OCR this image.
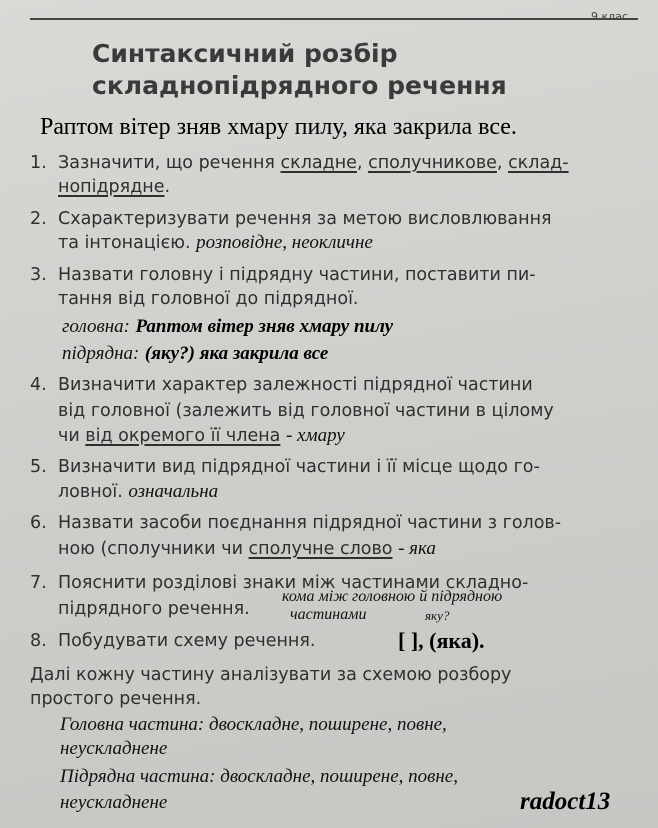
9 клас
Синтаксичний розбір
складнопідрядного речення
Раптом вітер зняв хмару пилу, яка закрила все.
1. Зазначити, що речення складне, сполучникове, склад-
нопідрядне.
2. Схарактеризувати речення за метою висловлювання
та інтонацією. розповідне, неокличне
3. Назвати головну і підрядну частини, поставити пи-
тання від головної до підрядної.
головна: Раптом вітер зняв хмару пилу
підрядна: (яку?) яка закрила все
4. Визначити характер залежності підрядної частини
від головної (залежить від головної частини в цілому
чи від окремого її члена - хмару
5. Визначити вид підрядної частини і її місце щодо го-
ловної. означальна
6. Назвати засоби поєднання підрядної частини з голов-
ною (сполучники чи сполучне слово - яка
7. Пояснити розділові знаки між частинами складно-
підрядного речення.
кома між головною й підрядною
частинами	яку?
8. Побудувати схему речення.	[ ], (яка).
Далі кожну частину аналізувати за схемою розбору
простого речення.
Головна частина: двоскладне, поширене, повне,
неускладнене
Підрядна частина: двоскладне, поширене, повне,
неускладнене	radoct13
